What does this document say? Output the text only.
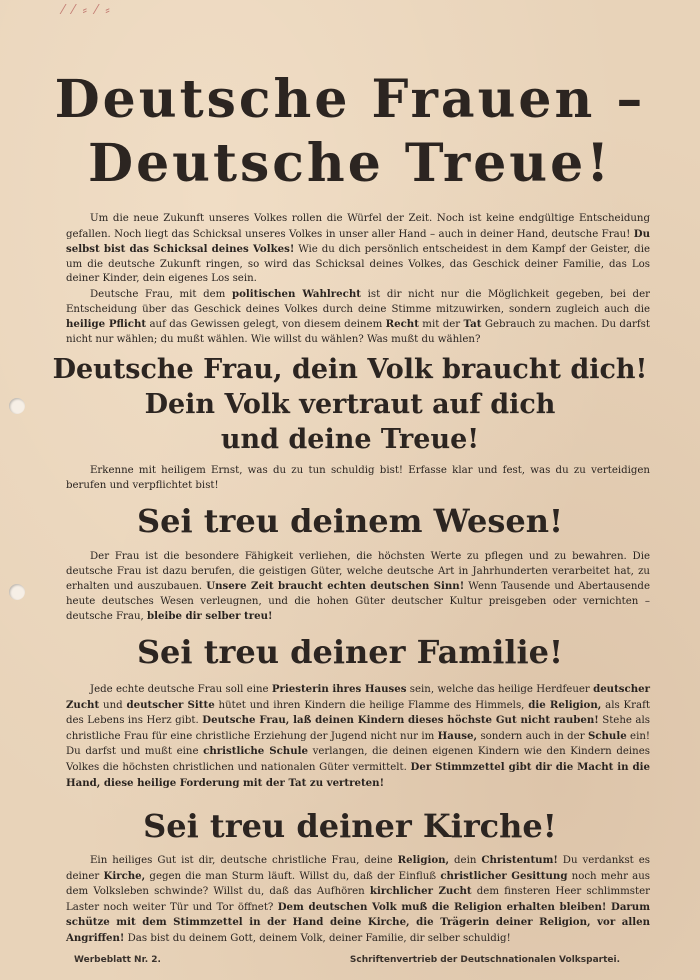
⁄ ⁄ ⸗ ⁄ ⸗
Deutsche Frauen –
Deutsche Treue!

Um die neue Zukunft unseres Volkes rollen die Würfel der Zeit. Noch ist keine endgültige Entscheidung gefallen. Noch liegt das Schicksal unseres Volkes in unser aller Hand – auch in deiner Hand, deutsche Frau! Du selbst bist das Schicksal deines Volkes! Wie du dich persönlich entscheidest in dem Kampf der Geister, die um die deutsche Zukunft ringen, so wird das Schicksal deines Volkes, das Geschick deiner Familie, das Los deiner Kinder, dein eigenes Los sein.

Deutsche Frau, mit dem politischen Wahlrecht ist dir nicht nur die Möglichkeit gegeben, bei der Entscheidung über das Geschick deines Volkes durch deine Stimme mitzuwirken, sondern zugleich auch die heilige Pflicht auf das Gewissen gelegt, von diesem deinem Recht mit der Tat Gebrauch zu machen. Du darfst nicht nur wählen; du mußt wählen. Wie willst du wählen? Was mußt du wählen?

Deutsche Frau, dein Volk braucht dich!
Dein Volk vertraut auf dich
und deine Treue!

Erkenne mit heiligem Ernst, was du zu tun schuldig bist! Erfasse klar und fest, was du zu verteidigen berufen und verpflichtet bist!

Sei treu deinem Wesen!

Der Frau ist die besondere Fähigkeit verliehen, die höchsten Werte zu pflegen und zu bewahren. Die deutsche Frau ist dazu berufen, die geistigen Güter, welche deutsche Art in Jahrhunderten verarbeitet hat, zu erhalten und auszubauen. Unsere Zeit braucht echten deutschen Sinn! Wenn Tausende und Abertausende heute deutsches Wesen verleugnen, und die hohen Güter deutscher Kultur preisgeben oder vernichten – deutsche Frau, bleibe dir selber treu!

Sei treu deiner Familie!

Jede echte deutsche Frau soll eine Priesterin ihres Hauses sein, welche das heilige Herdfeuer deutscher Zucht und deutscher Sitte hütet und ihren Kindern die heilige Flamme des Himmels, die Religion, als Kraft des Lebens ins Herz gibt. Deutsche Frau, laß deinen Kindern dieses höchste Gut nicht rauben! Stehe als christliche Frau für eine christliche Erziehung der Jugend nicht nur im Hause, sondern auch in der Schule ein! Du darfst und mußt eine christliche Schule verlangen, die deinen eigenen Kindern wie den Kindern deines Volkes die höchsten christlichen und nationalen Güter vermittelt. Der Stimmzettel gibt dir die Macht in die Hand, diese heilige Forderung mit der Tat zu vertreten!

Sei treu deiner Kirche!

Ein heiliges Gut ist dir, deutsche christliche Frau, deine Religion, dein Christentum! Du verdankst es deiner Kirche, gegen die man Sturm läuft. Willst du, daß der Einfluß christlicher Gesittung noch mehr aus dem Volksleben schwinde? Willst du, daß das Aufhören kirchlicher Zucht dem finsteren Heer schlimmster Laster noch weiter Tür und Tor öffnet? Dem deutschen Volk muß die Religion erhalten bleiben! Darum schütze mit dem Stimmzettel in der Hand deine Kirche, die Trägerin deiner Religion, vor allen Angriffen! Das bist du deinem Gott, deinem Volk, deiner Familie, dir selber schuldig!

Werbeblatt Nr. 2.	Schriftenvertrieb der Deutschnationalen Volkspartei.
